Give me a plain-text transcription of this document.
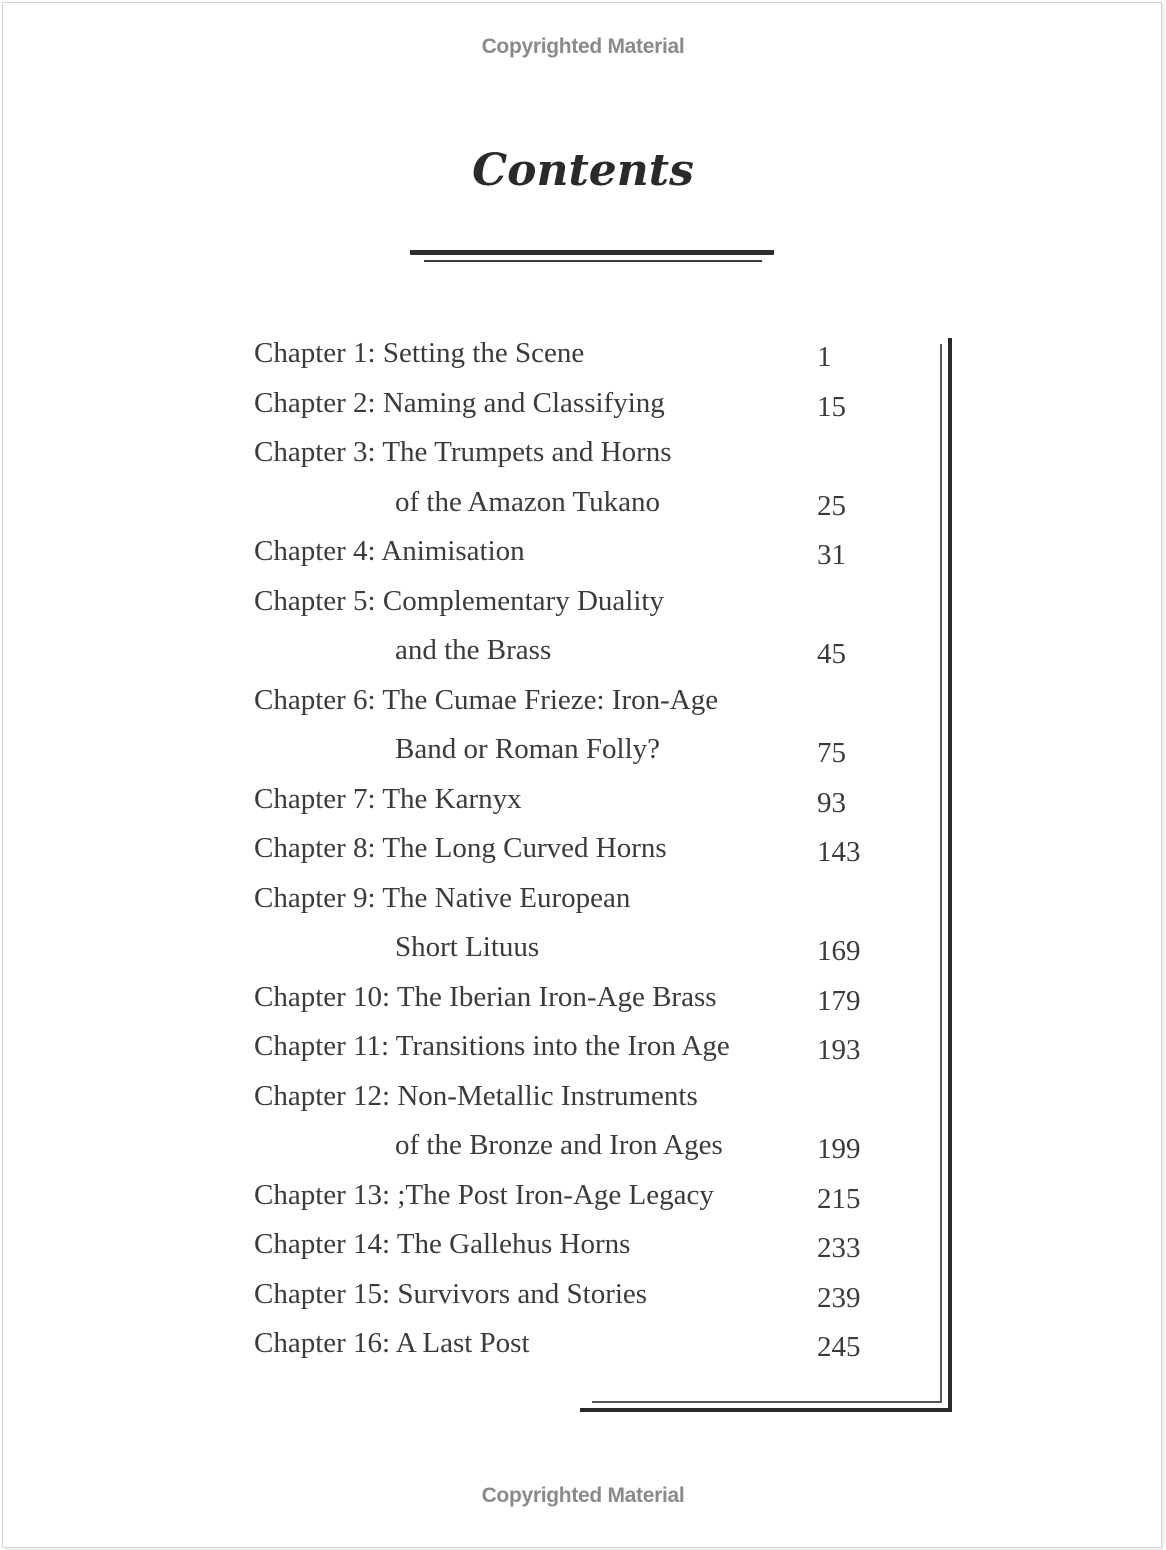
Copyrighted Material
Contents
Chapter 1: Setting the Scene	1
Chapter 2: Naming and Classifying	15
Chapter 3: The Trumpets and Horns
of the Amazon Tukano	25
Chapter 4: Animisation	31
Chapter 5: Complementary Duality
and the Brass	45
Chapter 6: The Cumae Frieze: Iron-Age
Band or Roman Folly?	75
Chapter 7: The Karnyx	93
Chapter 8: The Long Curved Horns	143
Chapter 9: The Native European
Short Lituus	169
Chapter 10: The Iberian Iron-Age Brass	179
Chapter 11: Transitions into the Iron Age	193
Chapter 12: Non-Metallic Instruments
of the Bronze and Iron Ages	199
Chapter 13: ;The Post Iron-Age Legacy	215
Chapter 14: The Gallehus Horns	233
Chapter 15: Survivors and Stories	239
Chapter 16: A Last Post	245
Copyrighted Material
